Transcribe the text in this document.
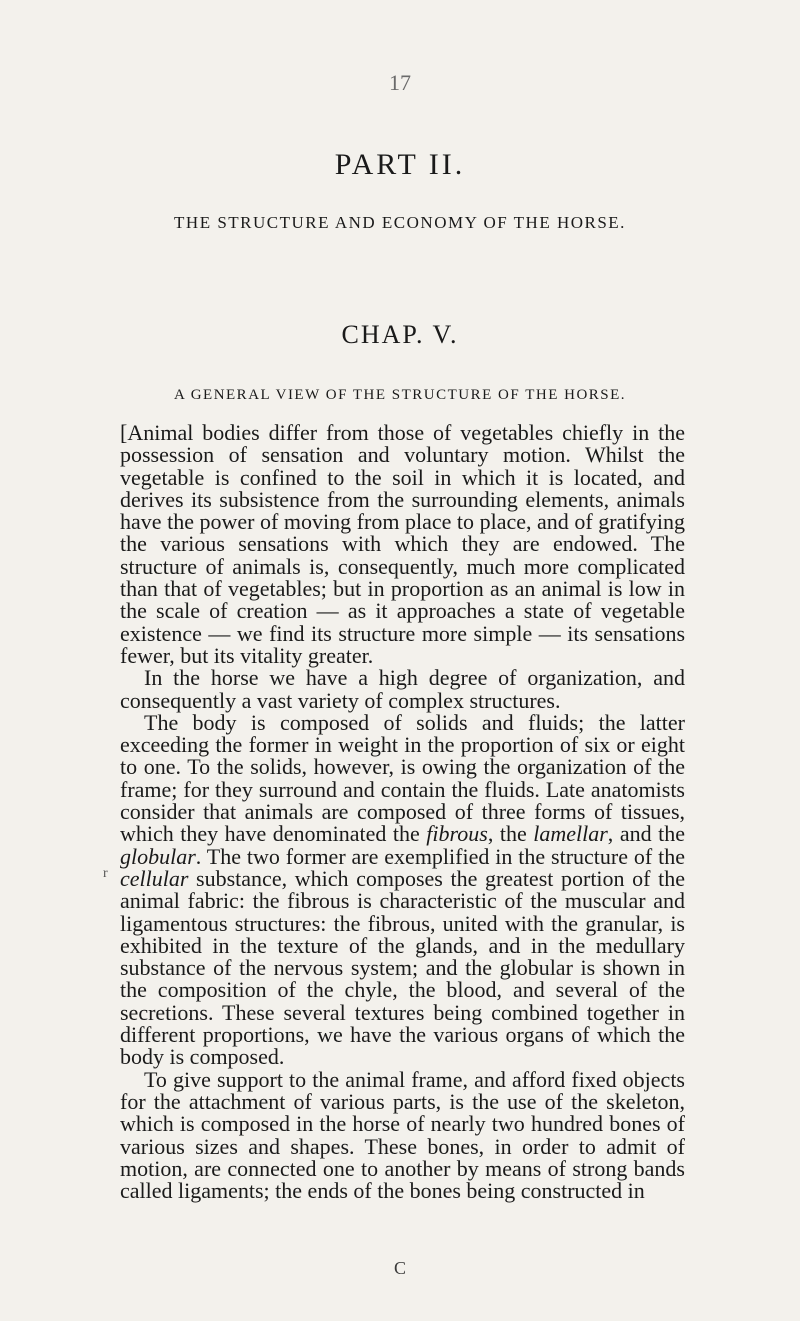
17
PART II.
THE STRUCTURE AND ECONOMY OF THE HORSE.
CHAP. V.
A GENERAL VIEW OF THE STRUCTURE OF THE HORSE.
r

[Animal bodies differ from those of vegetables chiefly in the possession of sensation and voluntary motion. Whilst the vegetable is confined to the soil in which it is located, and derives its subsistence from the surrounding elements, animals have the power of moving from place to place, and of gratifying the various sensations with which they are endowed. The structure of animals is, consequently, much more complicated than that of vegetables; but in proportion as an animal is low in the scale of creation — as it approaches a state of vegetable existence — we find its structure more simple — its sensations fewer, but its vitality greater.

In the horse we have a high degree of organization, and consequently a vast variety of complex structures.

The body is composed of solids and fluids; the latter exceeding the former in weight in the proportion of six or eight to one. To the solids, however, is owing the organization of the frame; for they surround and contain the fluids. Late anatomists consider that animals are composed of three forms of tissues, which they have denominated the fibrous, the lamellar, and the globular. The two former are exemplified in the structure of the cellular substance, which composes the greatest portion of the animal fabric: the fibrous is characteristic of the muscular and ligamentous structures: the fibrous, united with the granular, is exhibited in the texture of the glands, and in the medullary substance of the nervous system; and the globular is shown in the composition of the chyle, the blood, and several of the secretions. These several textures being combined together in different proportions, we have the various organs of which the body is composed.

To give support to the animal frame, and afford fixed objects for the attachment of various parts, is the use of the skeleton, which is composed in the horse of nearly two hundred bones of various sizes and shapes. These bones, in order to admit of motion, are connected one to another by means of strong bands called ligaments; the ends of the bones being constructed in

C
